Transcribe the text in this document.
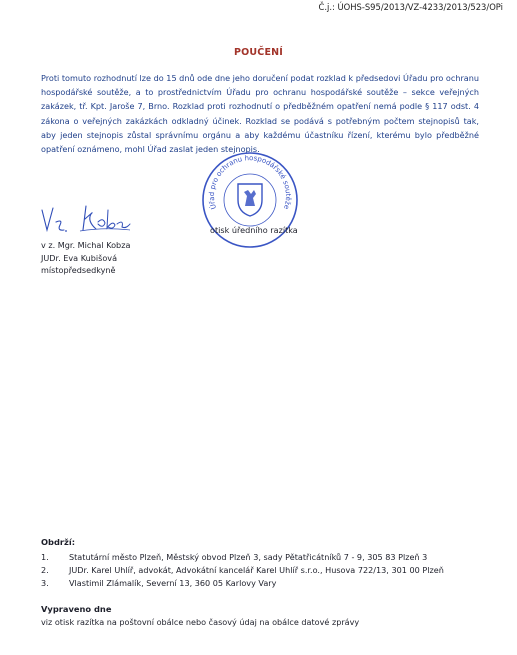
Č.j.: ÚOHS-S95/2013/VZ-4233/2013/523/OPi
POUČENÍ

Proti tomuto rozhodnutí lze do 15 dnů ode dne jeho doručení podat rozklad k předsedovi Úřadu pro ochranu hospodářské soutěže, a to prostřednictvím Úřadu pro ochranu hospodářské soutěže – sekce veřejných zakázek, tř. Kpt. Jaroše 7, Brno. Rozklad proti rozhodnutí o předběžném opatření nemá podle § 117 odst. 4 zákona o veřejných zakázkách odkladný účinek. Rozklad se podává s potřebným počtem stejnopisů tak, aby jeden stejnopis zůstal správnímu orgánu a aby každému účastníku řízení, kterému bylo předběžné opatření oznámeno, mohl Úřad zaslat jeden stejnopis.

v z. Mgr. Michal Kobza
JUDr. Eva Kubišová
místopředsedkyně
Úřad pro ochranu hospodářské soutěže
otisk úředního razítka
Obdrží:
1.	Statutární město Plzeň, Městský obvod Plzeň 3, sady Pětatřicátníků 7 - 9, 305 83 Plzeň 3
2.	JUDr. Karel Uhlíř, advokát, Advokátní kancelář Karel Uhlíř s.r.o., Husova 722/13, 301 00 Plzeň
3.	Vlastimil Zlámalík, Severní 13, 360 05 Karlovy Vary
Vypraveno dne
viz otisk razítka na poštovní obálce nebo časový údaj na obálce datové zprávy
